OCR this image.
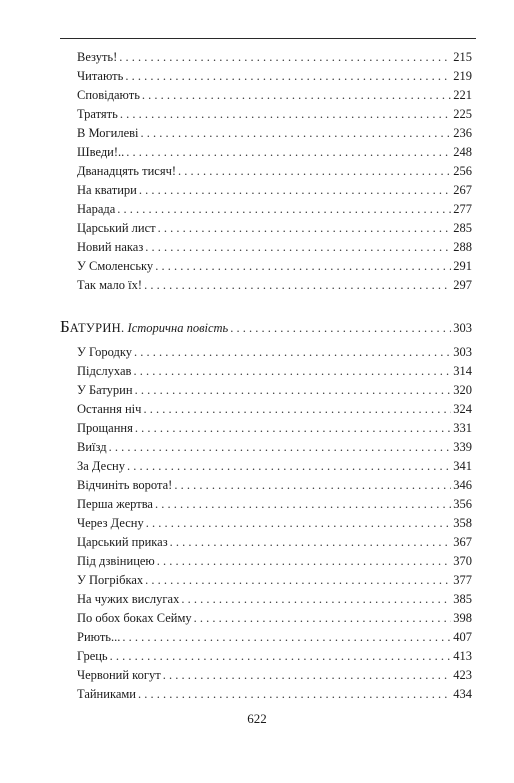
Везуть! . . .	215
Читають . . .	219
Сповідають . . .	221
Тратять . . .	225
В Могилеві . . .	236
Шведи!.. . . .	248
Дванадцять тисяч! . . .	256
На кватири . . .	267
Нарада . . .	277
Царський лист . . .	285
Новий наказ . . .	288
У Смоленську . . .	291
Так мало їх! . . .	297
БАТУРИН. Історична повість . . .	303
У Городку . . .	303
Підслухав . . .	314
У Батурин . . .	320
Остання ніч . . .	324
Прощання . . .	331
Виїзд . . .	339
За Десну . . .	341
Відчиніть ворота! . . .	346
Перша жертва . . .	356
Через Десну . . .	358
Царський приказ . . .	367
Під дзвіницею . . .	370
У Погрібках . . .	377
На чужих вислугах . . .	385
По обох боках Сейму . . .	398
Риють... . . .	407
Грець . . .	413
Червоний когут . . .	423
Тайниками . . .	434
622
